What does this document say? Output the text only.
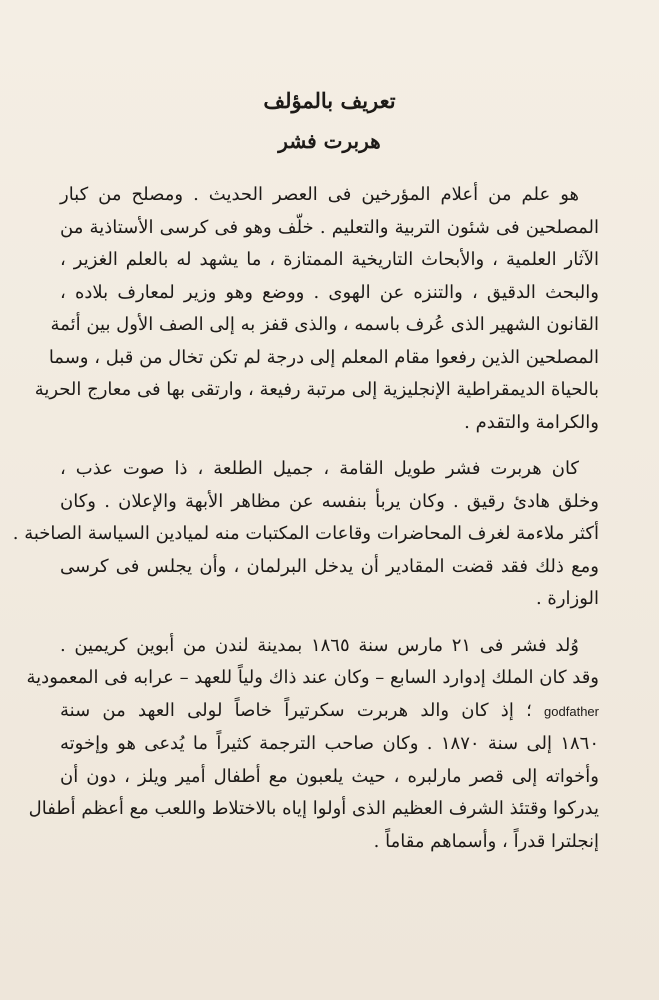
تعريف بالمؤلف
هربرت فشر
هو علم من أعلام المؤرخين فى العصر الحديث . ومصلح من كبار
المصلحين فى شئون التربية والتعليم . خلّف وهو فى كرسى الأستاذية من
الآثار العلمية ، والأبحاث التاريخية الممتازة ، ما يشهد له بالعلم الغزير ،
والبحث الدقيق ، والتنزه عن الهوى . ووضع وهو وزير لمعارف بلاده ،
القانون الشهير الذى عُرف باسمه ، والذى قفز به إلى الصف الأول بين أئمة
المصلحين الذين رفعوا مقام المعلم إلى درجة لم تكن تخال من قبل ، وسما
بالحياة الديمقراطية الإنجليزية إلى مرتبة رفيعة ، وارتقى بها فى معارج الحرية
والكرامة والتقدم .
كان هربرت فشر طويل القامة ، جميل الطلعة ، ذا صوت عذب ،
وخلق هادئ رقيق . وكان يربأ بنفسه عن مظاهر الأبهة والإعلان . وكان
أكثر ملاءمة لغرف المحاضرات وقاعات المكتبات منه لميادين السياسة الصاخبة .
ومع ذلك فقد قضت المقادير أن يدخل البرلمان ، وأن يجلس فى كرسى
الوزارة .
وُلد فشر فى ٢١ مارس سنة ١٨٦٥ بمدينة لندن من أبوين كريمين .
وقد كان الملك إدوارد السابع – وكان عند ذاك ولياً للعهد – عرابه فى المعمودية
godfather ؛ إذ كان والد هربرت سكرتيراً خاصاً لولى العهد من سنة
١٨٦٠ إلى سنة ١٨٧٠ . وكان صاحب الترجمة كثيراً ما يُدعى هو وإخوته
وأخواته إلى قصر مارلبره ، حيث يلعبون مع أطفال أمير ويلز ، دون أن
يدركوا وقتئذ الشرف العظيم الذى أولوا إياه بالاختلاط واللعب مع أعظم أطفال
إنجلترا قدراً ، وأسماهم مقاماً .
